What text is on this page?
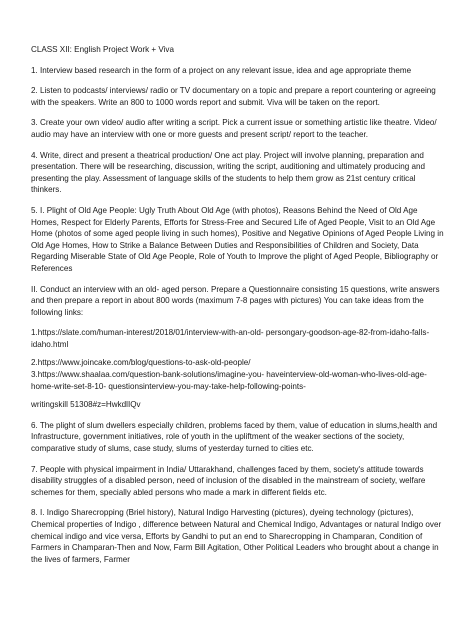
CLASS XII: English Project Work + Viva

1. Interview based research in the form of a project on any relevant issue, idea and age appropriate theme

2. Listen to podcasts/ interviews/ radio or TV documentary on a topic and prepare a report countering or agreeing with the speakers. Write an 800 to 1000 words report and submit. Viva will be taken on the report.

3. Create your own video/ audio after writing a script. Pick a current issue or something artistic like theatre. Video/ audio may have an interview with one or more guests and present script/ report to the teacher.

4. Write, direct and present a theatrical production/ One act play. Project will involve planning, preparation and presentation. There will be researching, discussion, writing the script, auditioning and ultimately producing and presenting the play. Assessment of language skills of the students to help them grow as 21st century critical thinkers.

5. I. Plight of Old Age People: Ugly Truth About Old Age (with photos), Reasons Behind the Need of Old Age Homes, Respect for Elderly Parents, Efforts for Stress-Free and Secured Life of Aged People, Visit to an Old Age Home (photos of some aged people living in such homes), Positive and Negative Opinions of Aged People Living in Old Age Homes, How to Strike a Balance Between Duties and Responsibilities of Children and Society, Data Regarding Miserable State of Old Age People, Role of Youth to Improve the plight of Aged People, Bibliography or References

II. Conduct an interview with an old- aged person. Prepare a Questionnaire consisting 15 questions, write answers and then prepare a report in about 800 words (maximum 7-8 pages with pictures) You can take ideas from the following links:

1.https://slate.com/human-interest/2018/01/interview-with-an-old- persongary-goodson-age-82-from-idaho-falls-idaho.html

2.https://www.joincake.com/blog/questions-to-ask-old-people/

3.https://www.shaalaa.com/question-bank-solutions/imagine-you- haveinterview-old-woman-who-lives-old-age-home-write-set-8-10- questionsinterview-you-may-take-help-following-points-

writingskill 51308#z=HwkdlIQv

6. The plight of slum dwellers especially children, problems faced by them, value of education in slums,health and Infrastructure, government initiatives, role of youth in the upliftment of the weaker sections of the society, comparative study of slums, case study, slums of yesterday turned to cities etc.

7. People with physical impairment in India/ Uttarakhand, challenges faced by them, society's attitude towards disability struggles of a disabled person, need of inclusion of the disabled in the mainstream of society, welfare schemes for them, specially abled persons who made a mark in different fields etc.

8. I. Indigo Sharecropping (Briel history), Natural Indigo Harvesting (pictures), dyeing technology (pictures), Chemical properties of Indigo , difference between Natural and Chemical Indigo, Advantages or natural Indigo over chemical indigo and vice versa, Efforts by Gandhi to put an end to Sharecropping in Champaran, Condition of Farmers in Champaran-Then and Now, Farm Bill Agitation, Other Political Leaders who brought about a change in the lives of farmers, Farmer
